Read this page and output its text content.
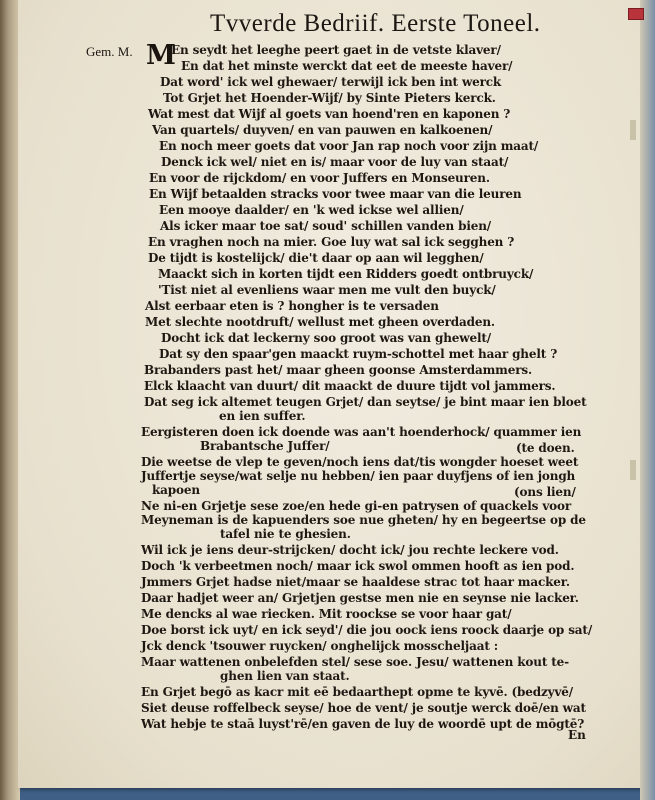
Tvverde Bedriif. Eerste Toneel.
Gem. M. M
En seydt het leeghe peert gaet in de vetste klaver/
En dat het minste werckt dat eet de meeste haver/
Dat word' ick wel ghewaer/ terwijl ick ben int werck
Tot Grjet het Hoender-Wijf/ by Sinte Pieters kerck.
Wat mest dat Wijf al goets van hoend'ren en kaponen ?
Van quartels/ duyven/ en van pauwen en kalkoenen/
En noch meer goets dat voor Jan rap noch voor zijn maat/
Denck ick wel/ niet en is/ maar voor de luy van staat/
En voor de rijckdom/ en voor Juffers en Monseuren.
En Wijf betaalden stracks voor twee maar van die leuren
Een mooye daalder/ en 'k wed ickse wel allien/
Als icker maar toe sat/ soud' schillen vanden bien/
En vraghen noch na mier. Goe luy wat sal ick segghen ?
De tijdt is kostelijck/ die't daar op aan wil legghen/
Maackt sich in korten tijdt een Ridders goedt ontbruyck/
'Tist niet al evenliens waar men me vult den buyck/
Alst eerbaar eten is ? hongher is te versaden
Met slechte nootdruft/ wellust met gheen overdaden.
Docht ick dat leckerny soo groot was van ghewelt/
Dat sy den spaar'gen maackt ruym-schottel met haar ghelt ?
Brabanders past het/ maar gheen goonse Amsterdammers.
Elck klaacht van duurt/ dit maackt de duure tijdt vol jammers.
Dat seg ick altemet teugen Grjet/ dan seytse/ je bint maar ien bloet
en ien suffer.
Eergisteren doen ick doende was aan't hoenderhock/ quammer ien
Brabantsche Juffer/	(te doen.
Die weetse de vlep te geven/noch iens dat/tis wongder hoeset weet
Juffertje seyse/wat selje nu hebben/ ien paar duyfjens of ien jongh
kapoen	(ons lien/
Ne ni-en Grjetje sese zoe/en hede gi-en patrysen of quackels voor
Meyneman is de kapuenders soe nue gheten/ hy en begeertse op de
tafel nie te ghesien.
Wil ick je iens deur-strijcken/ docht ick/ jou rechte leckere vod.
Doch 'k verbeetmen noch/ maar ick swol ommen hooft as ien pod.
Jmmers Grjet hadse niet/maar se haaldese strac tot haar macker.
Daar hadjet weer an/ Grjetjen gestse men nie en seynse nie lacker.
Me dencks al wae riecken. Mit roockse se voor haar gat/
Doe borst ick uyt/ en ick seyd'/ die jou oock iens roock daarje op sat/
Jck denck 'tsouwer ruycken/ onghelijck mosscheljaat :
Maar wattenen onbelefden stel/ sese soe. Jesu/ wattenen kout te-
ghen lien van staat.
En Grjet begō as kacr mit eē bedaarthept opme te kyvē. (bedzyvē/
Siet deuse roffelbeck seyse/ hoe de vent/ je soutje werck doē/en wat
Wat hebje te staā luyst'rē/en gaven de luy de woordē upt de mōgtē?
En
